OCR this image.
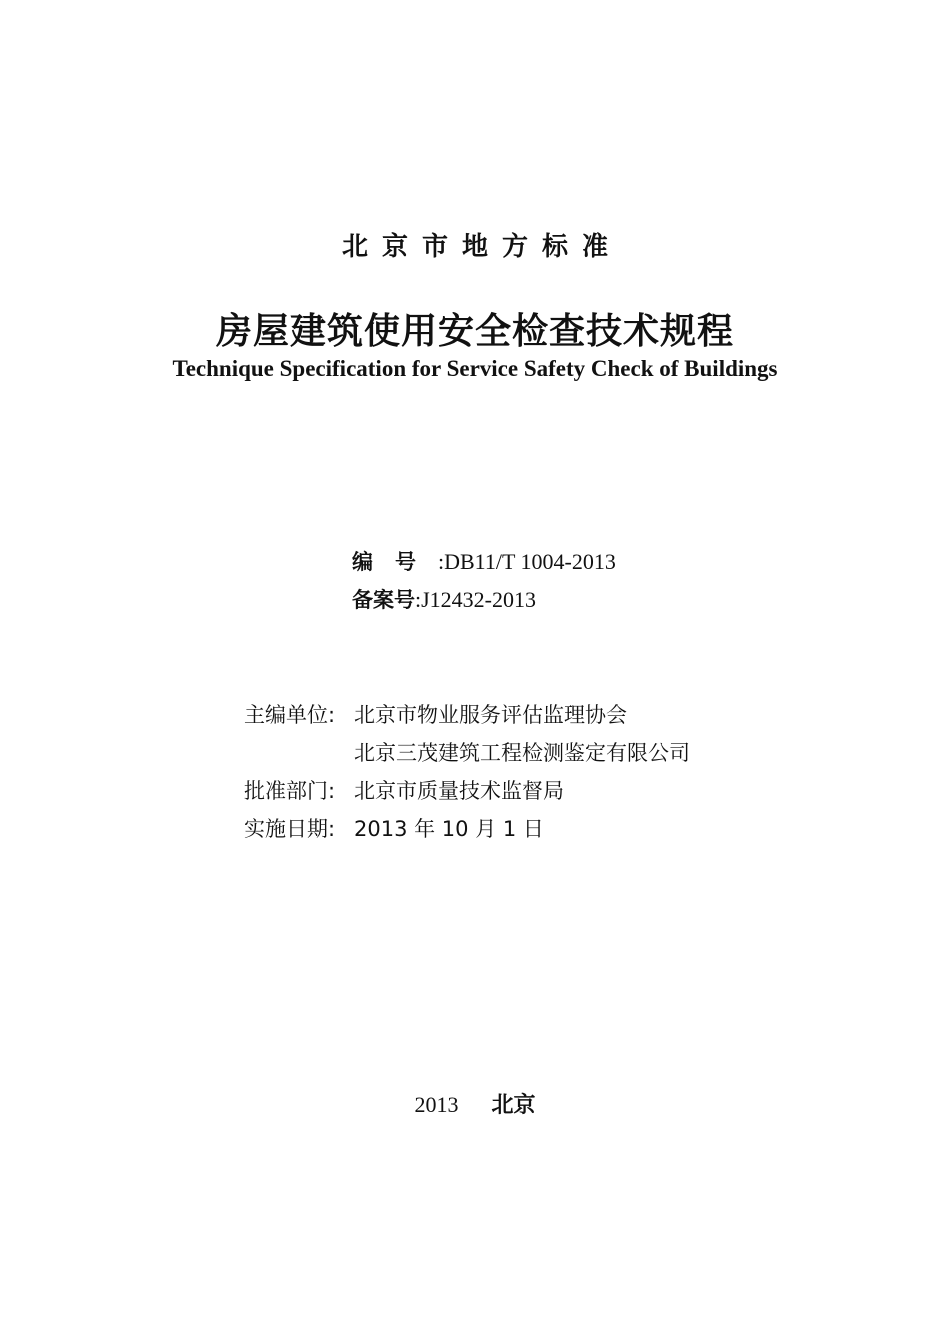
北京市地方标准
房屋建筑使用安全检查技术规程
Technique Specification for Service Safety Check of Buildings
编号 : DB11/T 1004-2013
备案号 : J12432-2013
主编单位: 北京市物业服务评估监理协会
北京三茂建筑工程检测鉴定有限公司
批准部门: 北京市质量技术监督局
实施日期: 2013 年 10 月 1 日
2013 北京
